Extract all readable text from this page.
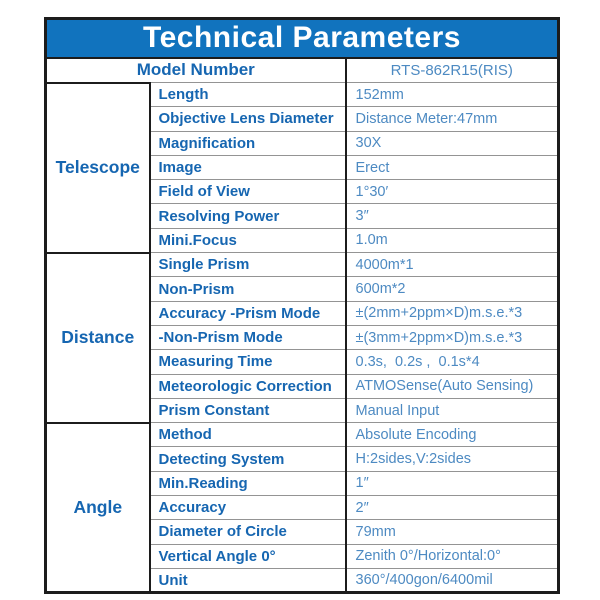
Technical Parameters		
Model Number		RTS-862R15(RIS)
Telescope	Length	152mm
	Objective Lens Diameter	Distance Meter:47mm
	Magnification	30X
	Image	Erect
	Field of View	1°30′
	Resolving Power	3″
	Mini.Focus	1.0m
Distance	Single Prism	4000m*1
	Non-Prism	600m*2
	Accuracy -Prism Mode	±(2mm+2ppm×D)m.s.e.*3
	-Non-Prism Mode	±(3mm+2ppm×D)m.s.e.*3
	Measuring Time	0.3s,  0.2s ,  0.1s*4
	Meteorologic Correction	ATMOSense(Auto Sensing)
	Prism Constant	Manual Input
Angle	Method	Absolute Encoding
	Detecting System	H:2sides,V:2sides
	Min.Reading	1″
	Accuracy	2″
	Diameter of Circle	79mm
	Vertical Angle 0°	Zenith 0°/Horizontal:0°
	Unit	360°/400gon/6400mil
